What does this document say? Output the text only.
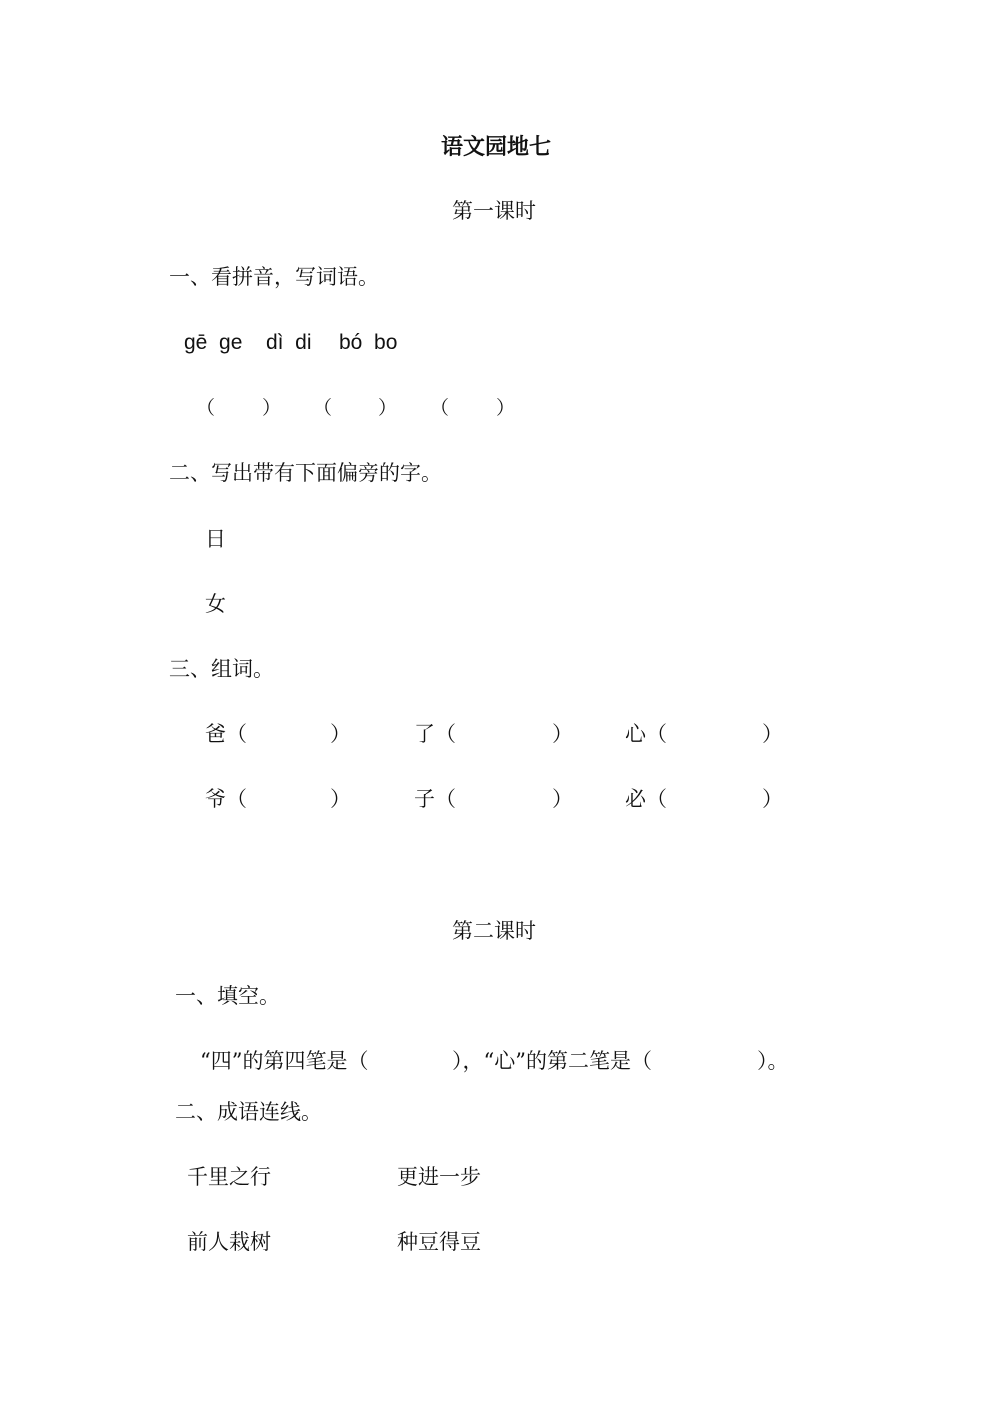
语文园地七
第一课时
一、看拼音，写词语。
gē  ge dì  di bó  bo
（ ） （ ） （ ）
二、写出带有下面偏旁的字。
日
女
三、组词。
爸（	）	了（	） 心（	）
爷（	）	子（	） 必（	）
第二课时
一、填空。
“四”的第四笔是（	），“心”的第二笔是（	）。
二、成语连线。
千里之行	更进一步
前人栽树	种豆得豆
